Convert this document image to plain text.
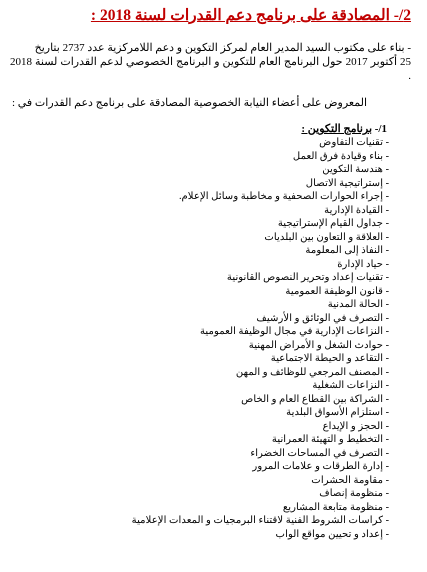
2/- المصادقة على برنامج دعم القدرات لسنة 2018 :

- بناء على مكتوب السيد المدير العام لمركز التكوين و دعم اللامركزية عدد 2737 بتاريخ

25 أكتوبر 2017 حول البرنامج العام للتكوين و البرنامج الخصوصي لدعم القدرات لسنة 2018 .

المعروض على أعضاء النيابة الخصوصية المصادقة على برنامج دعم القدرات في :
1/- برنامج التكوين :
- تقنيات التفاوض
- بناء وقيادة فرق العمل
- هندسة التكوين
- إستراتيجية الاتصال
- إجراء الحوارات الصحفية و مخاطبة وسائل الإعلام.
- القيادة الإدارية
- جداول القيام الإستراتيجية
- العلاقة و التعاون بين البلديات
- النفاذ إلى المعلومة
- حياد الإدارة
- تقنيات إعداد وتحرير النصوص القانونية
- قانون الوظيفة العمومية
- الحالة المدنية
- التصرف في الوثائق و الأرشيف
- النزاعات الإدارية في مجال الوظيفة العمومية
- حوادث الشغل و الأمراض المهنية
- التقاعد و الحيطة الاجتماعية
- المصنف المرجعي للوظائف و المهن
- النزاعات الشغلية
- الشراكة بين القطاع العام و الخاص
- استلزام الأسواق البلدية
- الحجز و الإيداع
- التخطيط و التهيئة العمرانية
- التصرف في المساحات الخضراء
- إدارة الطرقات و علامات المرور
- مقاومة الحشرات
- منظومة إنصاف
- منظومة متابعة المشاريع
- كراسات الشروط الفنية لاقتناء البرمجيات و المعدات الإعلامية
- إعداد و تحيين مواقع الواب
